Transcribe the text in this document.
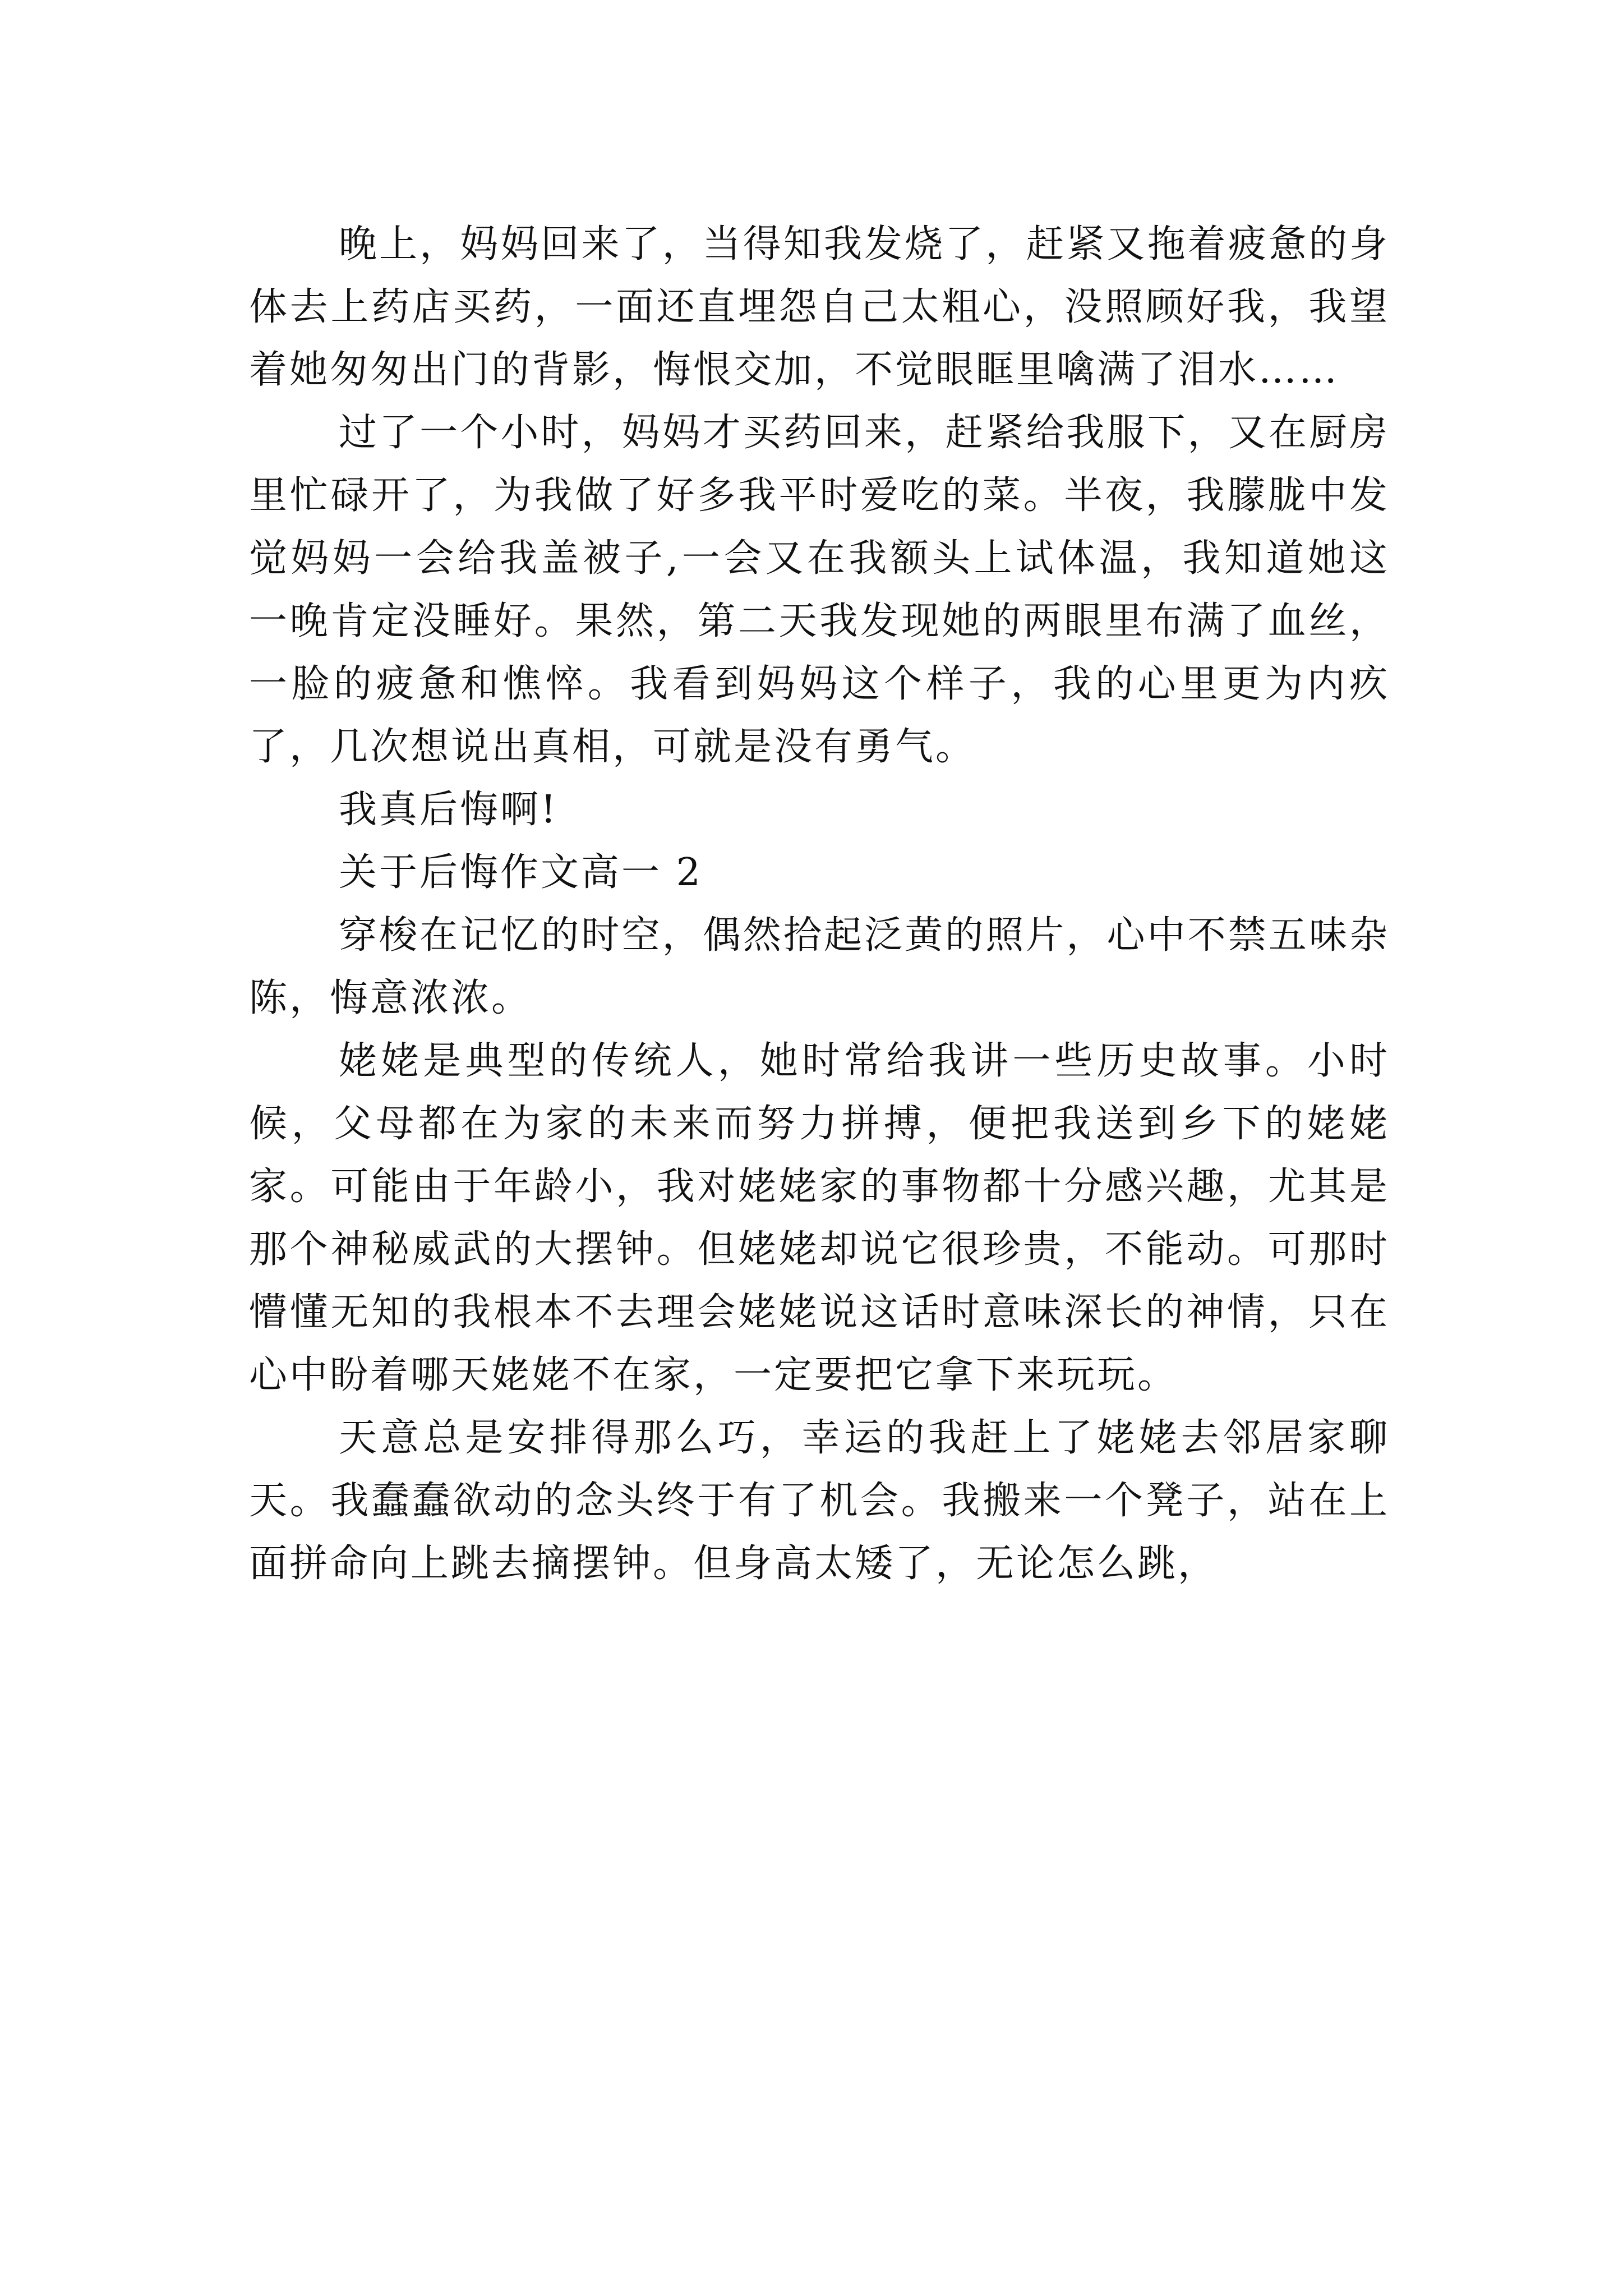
晚上，妈妈回来了，当得知我发烧了，赶紧又拖着疲惫的身体去上药店买药，一面还直埋怨自己太粗心，没照顾好我，我望着她匆匆出门的背影，悔恨交加，不觉眼眶里噙满了泪水……

过了一个小时，妈妈才买药回来，赶紧给我服下，又在厨房里忙碌开了，为我做了好多我平时爱吃的菜。半夜，我朦胧中发觉妈妈一会给我盖被子,一会又在我额头上试体温，我知道她这一晚肯定没睡好。果然，第二天我发现她的两眼里布满了血丝，一脸的疲惫和憔悴。我看到妈妈这个样子，我的心里更为内疚了，几次想说出真相，可就是没有勇气。

我真后悔啊!

关于后悔作文高一 2

穿梭在记忆的时空，偶然拾起泛黄的照片，心中不禁五味杂陈，悔意浓浓。

姥姥是典型的传统人，她时常给我讲一些历史故事。小时候，父母都在为家的未来而努力拼搏，便把我送到乡下的姥姥家。可能由于年龄小，我对姥姥家的事物都十分感兴趣，尤其是那个神秘威武的大摆钟。但姥姥却说它很珍贵，不能动。可那时懵懂无知的我根本不去理会姥姥说这话时意味深长的神情，只在心中盼着哪天姥姥不在家，一定要把它拿下来玩玩。

天意总是安排得那么巧，幸运的我赶上了姥姥去邻居家聊天。我蠢蠢欲动的念头终于有了机会。我搬来一个凳子，站在上面拼命向上跳去摘摆钟。但身高太矮了，无论怎么跳，
